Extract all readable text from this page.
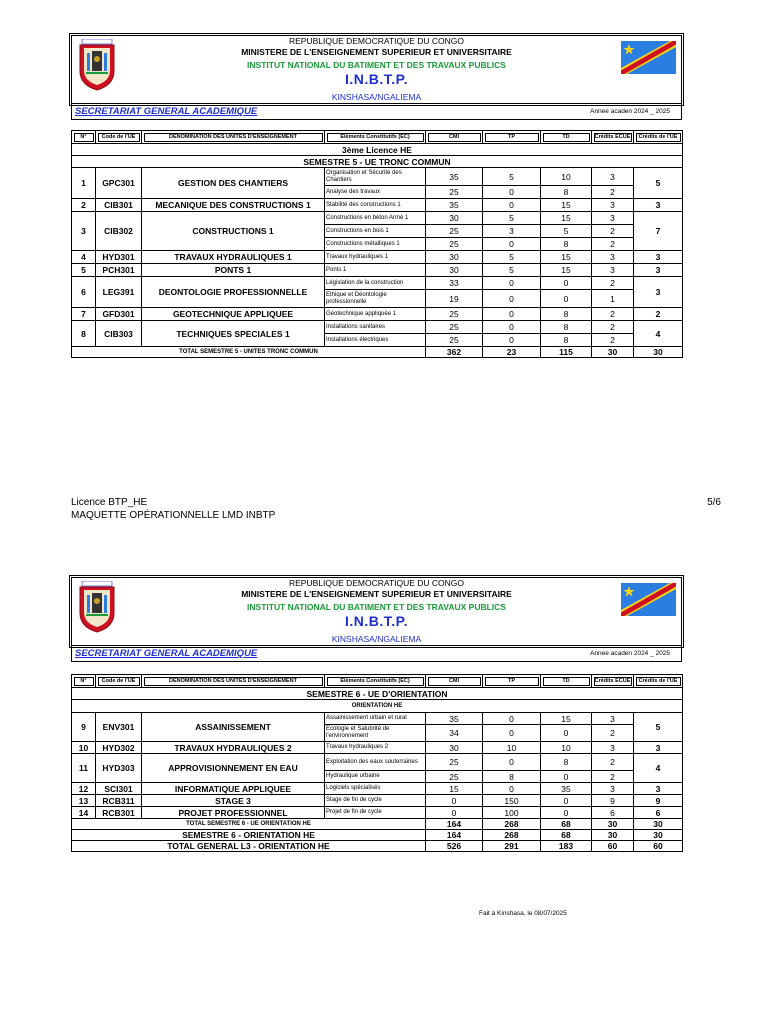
REPUBLIQUE DEMOCRATIQUE DU CONGO
MINISTERE DE L'ENSEIGNEMENT SUPERIEUR ET UNIVERSITAIRE
INSTITUT NATIONAL DU BATIMENT ET DES TRAVAUX PUBLICS
I.N.B.T.P.
KINSHASA/NGALIEMA
SECRETARIAT GENERAL ACADEMIQUE	Annee acaden 2024 _ 2025
N°	Code de l'UE	DENOMINATION DES UNITES D'ENSEIGNEMENT	Eléments Constitutifs (EC)	CMI	TP	TD	Crédits ECUE	Crédits de l'UE
3ème Licence HE								
SEMESTRE 5 - UE TRONC COMMUN								
1	GPC301	GESTION DES CHANTIERS	Organisation et Sécurité des Chantiers	35	5	10	3	5
			Analyse des travaux	25	0	8	2	
2	CIB301	MECANIQUE DES CONSTRUCTIONS 1	Stabilité des constructions 1	35	0	15	3	3
3	CIB302	CONSTRUCTIONS 1	Constructions en béton Armé 1	30	5	15	3	7
			Constructions en bois 1	25	3	5	2	
			Constructions métalliques 1	25	0	8	2	
4	HYD301	TRAVAUX HYDRAULIQUES 1	Travaux hydrauliques 1	30	5	15	3	3
5	PCH301	PONTS 1	Ponts 1	30	5	15	3	3
6	LEG391	DEONTOLOGIE PROFESSIONNELLE	Législation de la construction	33	0	0	2	3
			Ethique et Déontologie professionnelle	19	0	0	1	
7	GFD301	GEOTECHNIQUE APPLIQUEE	Géotechnique appliquée 1	25	0	8	2	2
8	CIB303	TECHNIQUES SPECIALES 1	Installations sanitaires	25	0	8	2	4
			Installations électriques	25	0	8	2	
TOTAL SEMESTRE 5 - UNITES TRONC COMMUN				362	23	115	30	30
Licence BTP_HE
MAQUETTE OPÉRATIONNELLE LMD INBTP
5/6
REPUBLIQUE DEMOCRATIQUE DU CONGO
MINISTERE DE L'ENSEIGNEMENT SUPERIEUR ET UNIVERSITAIRE
INSTITUT NATIONAL DU BATIMENT ET DES TRAVAUX PUBLICS
I.N.B.T.P.
KINSHASA/NGALIEMA
SECRETARIAT GENERAL ACADEMIQUE	Annee acaden 2024 _ 2025
N°	Code de l'UE	DENOMINATION DES UNITES D'ENSEIGNEMENT	Eléments Constitutifs (EC)	CMI	TP	TD	Crédits ECUE	Crédits de l'UE
SEMESTRE 6 - UE D'ORIENTATION								
ORIENTATION HE								
9	ENV301	ASSAINISSEMENT	Assainissement urbain et rural	35	0	15	3	5
			Ecologie et Salubrité de l'environnement	34	0	0	2	
10	HYD302	TRAVAUX HYDRAULIQUES 2	Travaux hydrauliques 2	30	10	10	3	3
11	HYD303	APPROVISIONNEMENT EN EAU	Exploitation des eaux souterraines	25	0	8	2	4
			Hydraulique urbaine	25	8	0	2	
12	SCI301	INFORMATIQUE APPLIQUEE	Logiciels spécialisés	15	0	35	3	3
13	RCB311	STAGE 3	Stage de fin de cycle	0	150	0	9	9
14	RCB301	PROJET PROFESSIONNEL	Projet de fin de cycle	0	100	0	6	6
TOTAL SEMESTRE 6 - UE ORIENTATION HE				164	268	68	30	30
SEMESTRE 6 - ORIENTATION HE				164	268	68	30	30
TOTAL GENERAL L3 - ORIENTATION HE				526	291	183	60	60
Fait à Kinshasa, le 08/07/2025
